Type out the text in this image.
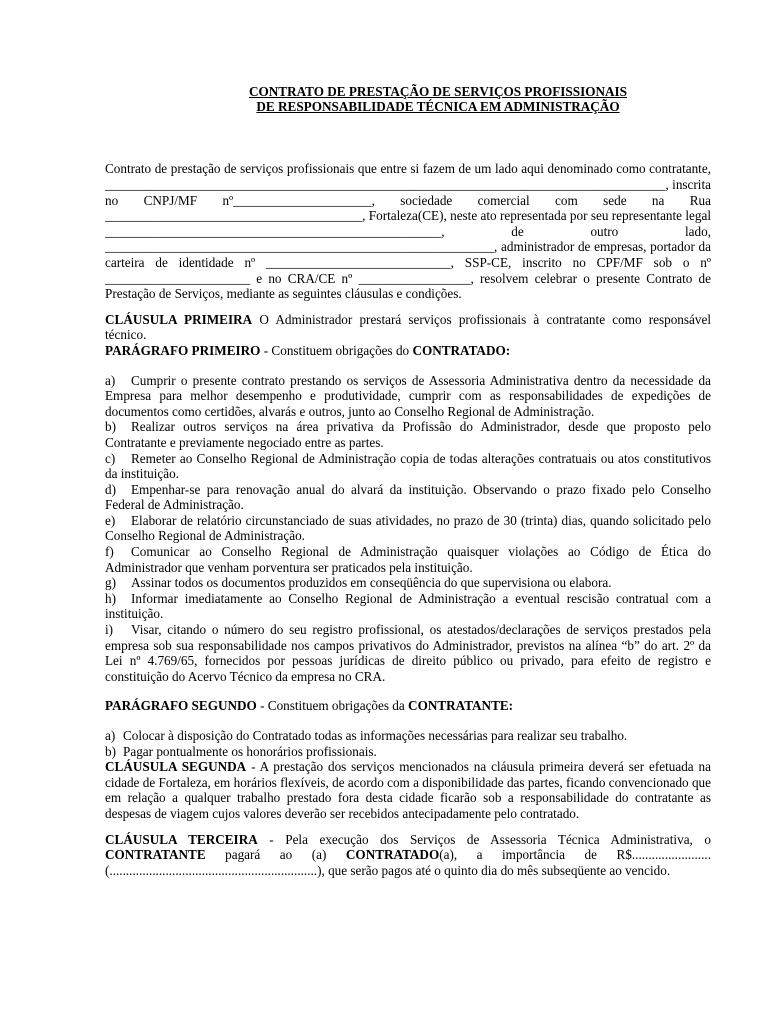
CONTRATO DE PRESTAÇÃO DE SERVIÇOS PROFISSIONAIS
DE RESPONSABILIDADE TÉCNICA EM ADMINISTRAÇÃO

Contrato de prestação de serviços profissionais que entre si fazem de um lado aqui denominado como contratante, _____________________________________________________________________________________, inscrita no CNPJ/MF nº_____________________, sociedade comercial com sede na Rua _______________________________________, Fortaleza(CE), neste ato representada por seu representante legal ___________________________________________________, de outro lado, ___________________________________________________________, administrador de empresas, portador da carteira de identidade nº ____________________________, SSP-CE, inscrito no CPF/MF sob o nº ______________________ e no CRA/CE nº _________________, resolvem celebrar o presente Contrato de Prestação de Serviços, mediante as seguintes cláusulas e condições.

CLÁUSULA PRIMEIRA O Administrador prestará serviços profissionais à contratante como responsável técnico.

PARÁGRAFO PRIMEIRO - Constituem obrigações do CONTRATADO:

a) Cumprir o presente contrato prestando os serviços de Assessoria Administrativa dentro da necessidade da Empresa para melhor desempenho e produtividade, cumprir com as responsabilidades de expedições de documentos como certidões, alvarás e outros, junto ao Conselho Regional de Administração.
b) Realizar outros serviços na área privativa da Profissão do Administrador, desde que proposto pelo Contratante e previamente negociado entre as partes.
c) Remeter ao Conselho Regional de Administração copia de todas alterações contratuais ou atos constitutivos da instituição.
d) Empenhar-se para renovação anual do alvará da instituição. Observando o prazo fixado pelo Conselho Federal de Administração.
e) Elaborar de relatório circunstanciado de suas atividades, no prazo de 30 (trinta) dias, quando solicitado pelo Conselho Regional de Administração.
f) Comunicar ao Conselho Regional de Administração quaisquer violações ao Código de Ética do Administrador que venham porventura ser praticados pela instituição.
g) Assinar todos os documentos produzidos em conseqüência do que supervisiona ou elabora.
h) Informar imediatamente ao Conselho Regional de Administração a eventual rescisão contratual com a instituição.
i) Visar, citando o número do seu registro profissional, os atestados/declarações de serviços prestados pela empresa sob sua responsabilidade nos campos privativos do Administrador, previstos na alínea “b” do art. 2º da Lei nº 4.769/65, fornecidos por pessoas jurídicas de direito público ou privado, para efeito de registro e constituição do Acervo Técnico da empresa no CRA.

PARÁGRAFO SEGUNDO - Constituem obrigações da CONTRATANTE:

a) Colocar à disposição do Contratado todas as informações necessárias para realizar seu trabalho.
b) Pagar pontualmente os honorários profissionais.

CLÁUSULA SEGUNDA - A prestação dos serviços mencionados na cláusula primeira deverá ser efetuada na cidade de Fortaleza, em horários flexíveis, de acordo com a disponibilidade das partes, ficando convencionado que em relação a qualquer trabalho prestado fora desta cidade ficarão sob a responsabilidade do contratante as despesas de viagem cujos valores deverão ser recebidos antecipadamente pelo contratado.

CLÁUSULA TERCEIRA - Pela execução dos Serviços de Assessoria Técnica Administrativa, o CONTRATANTE pagará ao (a) CONTRATADO(a), a importância de R$........................ (...............................................................), que serão pagos até o quinto dia do mês subseqüente ao vencido.
